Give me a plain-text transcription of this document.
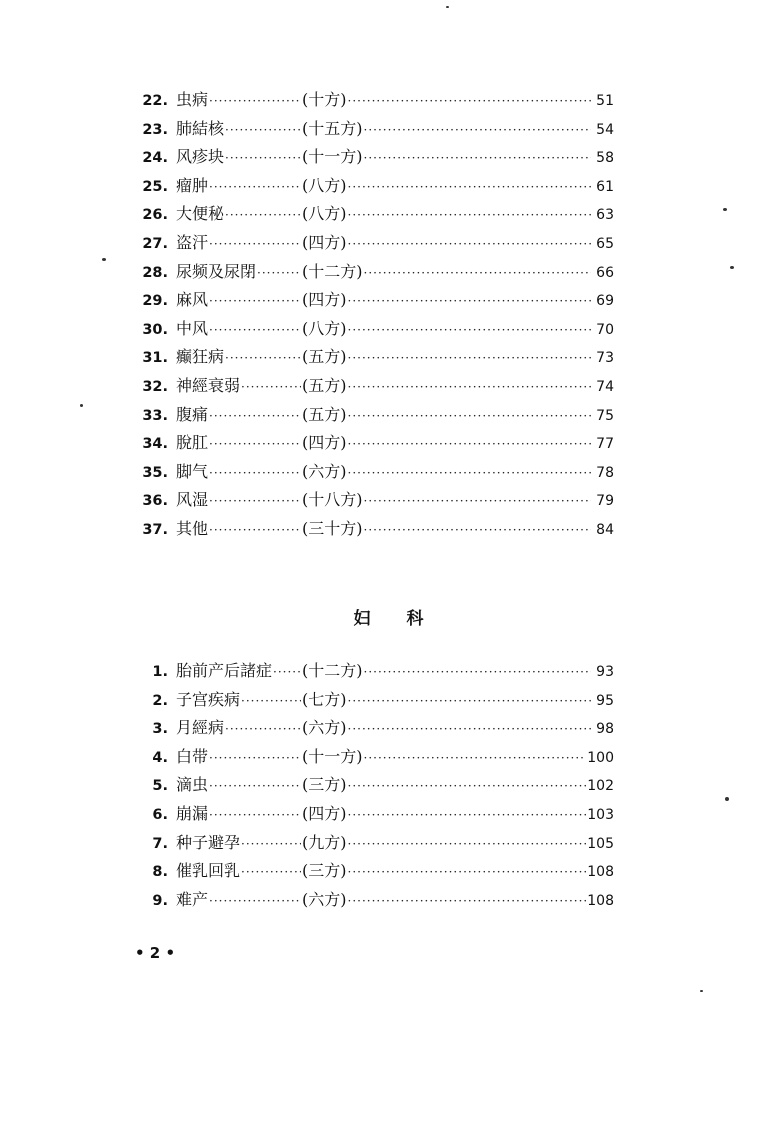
22. 虫病 ·····	(十方) ·····	51
23. 肺結核 ·····	(十五方) ·····	54
24. 风疹块 ·····	(十一方) ·····	58
25. 瘤肿 ·····	(八方) ·····	61
26. 大便秘 ·····	(八方) ·····	63
27. 盗汗 ·····	(四方) ·····	65
28. 尿频及尿閉 ·····	(十二方) ·····	66
29. 麻风 ·····	(四方) ·····	69
30. 中风 ·····	(八方) ·····	70
31. 癫狂病 ·····	(五方) ·····	73
32. 神經衰弱 ·····	(五方) ·····	74
33. 腹痛 ·····	(五方) ·····	75
34. 脫肛 ·····	(四方) ·····	77
35. 脚气 ·····	(六方) ·····	78
36. 风湿 ·····	(十八方) ·····	79
37. 其他 ·····	(三十方) ·····	84
妇科
1. 胎前产后諸症 ····· (十二方) ·····	93
2. 子宫疾病 ·····	(七方) ·····	95
3. 月經病 ·····	(六方) ·····	98
4. 白带 ·····	(十一方) ·····	100
5. 滴虫 ·····	(三方) ·····	102
6. 崩漏 ·····	(四方) ·····	103
7. 种子避孕 ·····	(九方) ·····	105
8. 催乳回乳 ·····	(三方) ·····	108
9. 难产 ·····	(六方) ·····	108
• 2 •
